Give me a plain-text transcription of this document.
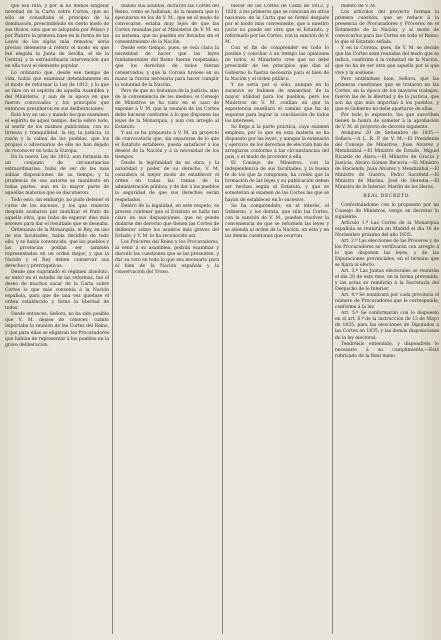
que esa ruta, y por la no menos singular novedad de la Carta sobre Cortes, que no sólo se consultaba el principio de la dominación, prescindiendo en cierto modo de sus títulos, sino que se adoptaba por Pelayo y por Pizarro la primera base en la forma de las Leyes de los siglos más remotos; sería preciso detenerse á referir el modo en que fué elegida la Junta de Sevilla, el de la Central, y la extraordinaria intervención que en ella tuvo el elemento popular.

Lo ordinario que, desde ese tiempo de vida, había que examinar detenidamente en el modo de reformar la Ley de 1812, y lo que se hizo en el espíritu de aquella Asamblea y del Ministerio, y aun de la época en que fueron convocados y los principios que entonces presidieron en sus deliberaciones.

Está hoy en uso y mando los que examinen el espíritu de aquel tiempo, decía sobre todo, al sentir de los mismos publicistas, con su firmeza y tranquilidad, la ley, la justicia, la razón y la calma de los pueblos, que los propios ó adversarios de ello no han dejado de reconocer en toda la Europa.

En la nueva Ley de 1812, aun formada de un conjunto de circunstancias extraordinarias, hubo de ser de las más sabias disposiciones de su tiempo; y la prudencia de sus autores se manifestó en todas partes, aun en la mayor parte de aquellas materias que se discutieron.

Todo esto, sin embargo, no pudo detener el curso de los sucesos, y los que vinieron después acabaron por inutilizar el fruto de aquella obra, que hubo de esperar días más serenos para dar el resultado que se deseaba.

Ordenanza de la Monarquía, el Rey, en uso de sus facultades, había decidido de todo ello, y se había convencido, que los pueblos y las provincias podían ser también representados en un orden mejor; y que la Nación y el Rey deben conservar sus derechos y prerrogativas.

Desde que suprimido el régimen absoluto, se entró en el estudio de las reformas, fué el deseo de muchos sacar de la Carta sobre Cortes lo que más convenía á la Nación española, para que de una vez quedase el orden establecido y firme la libertad de todos.

Desde entonces, Señora, no ha sido posible que V. M. dejase de conocer, cuánto importaba la reunión de las Cortes del Reino, y que para ellas se eligieran los Procuradores que habían de representar á los pueblos en la grave deliberación.

mando sus asuntos, dictaron las Cortes del Reino, como se hallaban, de la manera que lo ejecutaron en los de V. M., que en el modo de convocarse, estaba muy lejos de que las Cortes reunidas por el Ministerio de V. M. en su sistema, que no pueden ser llevadas sin el consentimiento de la Nación.

Desde este tiempo, pues, se veía clara la necesidad de hacer que las leyes fundamentales del Reino fueran respetadas, que los derechos de todos fueran conservados, y que la Corona tuviese en su mano la fuerza necesaria para hacer cumplir la voluntad de la Nación.

Pero de que no tratamos de la justicia, sino de la conveniencia de los medios, el Consejo de Ministros se ha visto en el caso de exponer á V. M. que la reunión de las Cortes debe hacerse conforme á lo que disponen las leyes de la Monarquía, y aun con arreglo al Estatuto.

Y así se ha propuesto á V. M. un proyecto de convocatoria que, sin separarse de lo que el Estatuto establece, pueda satisfacer á los deseos de la Nación y á la necesidad de los tiempos.

Desde la legitimidad de su obra, y la autoridad y poder de su derecho, V. M. considera el mejor modo de establecer el orden en todas las ramas de la administración pública, y de dar á los pueblos la seguridad de que sus derechos serán respetados.

Dentro de la legalidad, en este respeto, es preciso confesar que el Estatuto se halla tan claro en sus disposiciones, que no puede dudarse del derecho que tienen las Cortes de deliberar sobre los asuntos más graves del Estado; y V. M. lo ha reconocido así.

Los Próceres del Reino y los Procuradores, al venir á su asamblea, podrán examinar y discutir las cuestiones que se les presenten, y dar su voto en todo lo que sea necesario para el bien de la Nación española y la conservación del Trono.

blecer de las Cortes de Cádiz de 1812, y 1820, á los primeros que se conocían en otras naciones; de la Carta que se formó después por el modo más conveniente, que á nuestro juicio no puede ser otro que el Estatuto, y reformado por las Cortes, con la sanción de V. M.

Con el fin de comprender en todo lo posible y conciliar á un tiempo las opiniones de todos, el Ministerio cree que no debe prescindir de los principios que dan al Gobierno la fuerza necesaria para el bien de la Nación y el orden público.

Y no sería por sí sólo, aunque en lo sucesivo se hubiese de ensanchar, de la mayor utilidad para los pueblos; pero los Ministros de V. M. confían en que la experiencia enseñará el camino que ha de seguirse para lograr la conciliación de todos los intereses.

Se llega á la parte práctica, cuyo examen empieza, por lo que en esta materia se ha dispuesto por las leyes, y aunque la extensión y ejercicio de los derechos de elección han de arreglarse conforme á las circunstancias del país, y el modo de proceder á ella.

El Consejo de Ministros, con la independencia de sus facultades, y la buena fe de los que la componen, ha creído que la formación de las leyes y su publicación deben ser hechas según el Estatuto, y que se someterán al examen de las Cortes las que se hayan de establecer en lo sucesivo.

Se ha comprendido, en el interés, el Gobierno, y los demás, que sólo las Cortes, con la sanción de V. M., pueden resolver la conveniencia de que se reformen las leyes y se atienda al orden de la Nación, en esta y en las demás cuestiones que ocurran.

miento de V. M.

Los artículos del proyecto forman la primera cuestión, que se reduce á la presencia de Procuradores y Próceres en el Estamento de la Nación, y al modo de convocarlos para las Cortes en todo el Reino; lo que el Estatuto señala.

Y en la Corona, pues, de V. M. se decide que las Cortes sean reunidas del modo que se indica, conforme á la voluntad de la Nación, que no ha de ser otra que aquella por la que vive y la sostiene.

Pero entiéndase bien, Señora, que las primeras cuestiones que se trataron en las Cortes, en la época de los mayores trabajos, fueron las de la libertad y de la justicia, que son las que más importan á los pueblos; y que el Gobierno no debe apartarse de ellas.

Por todo lo expuesto, los que suscriben tienen la honra de someter á la aprobación de V. M. el proyecto de decreto siguiente.

Aranjuez 29 de Setiembre de 1835.—Señora.—A L. R. P. de V. M.—El Presidente del Consejo de Ministros, Juan Álvarez y Mendizábal.—El Ministro de Estado, Miguel Ricardo de Álava.—El Ministro de Gracia y Justicia, Álvaro Gómez Becerra.—El Ministro de Hacienda, Juan Álvarez y Mendizábal.—El Ministro de Guerra, Pedro Sarsfield.—El Ministro de Marina, José de Heredia.—El Ministro de lo Interior, Martín de los Heros.

REAL DECRETO.

Conformándome con lo propuesto por mi Consejo de Ministros, vengo en decretar lo siguiente:

Artículo 1.º Las Cortes de la Monarquía española se reunirán en Madrid el día 16 de Noviembre próximo del año 1835.

Art. 2.º Las elecciones de las Próceres y de los Procuradores se verificarán con arreglo á lo que disponen las leyes, y de las Diputaciones provinciales, en el término que se fijará al efecto.

Art. 3.º Las Juntas electorales se reunirán el día 20 de este mes, en la forma prevenida, y las actas se remitirán á la Secretaría del Despacho de lo Interior.

Art. 4.º Se nombrará por cada provincia el número de Procuradores que le corresponde, conforme á la ley.

Art. 5.º Se conformarán con lo dispuesto en el art. 6.º de la instrucción de 13 de Mayo de 1835, para las elecciones de Diputados á las Cortes en 1835, y las demás disposiciones de la ley electoral.

Tendréislo entendido, y dispondréis lo necesario á su cumplimiento.—Está rubricado de la Real mano.
